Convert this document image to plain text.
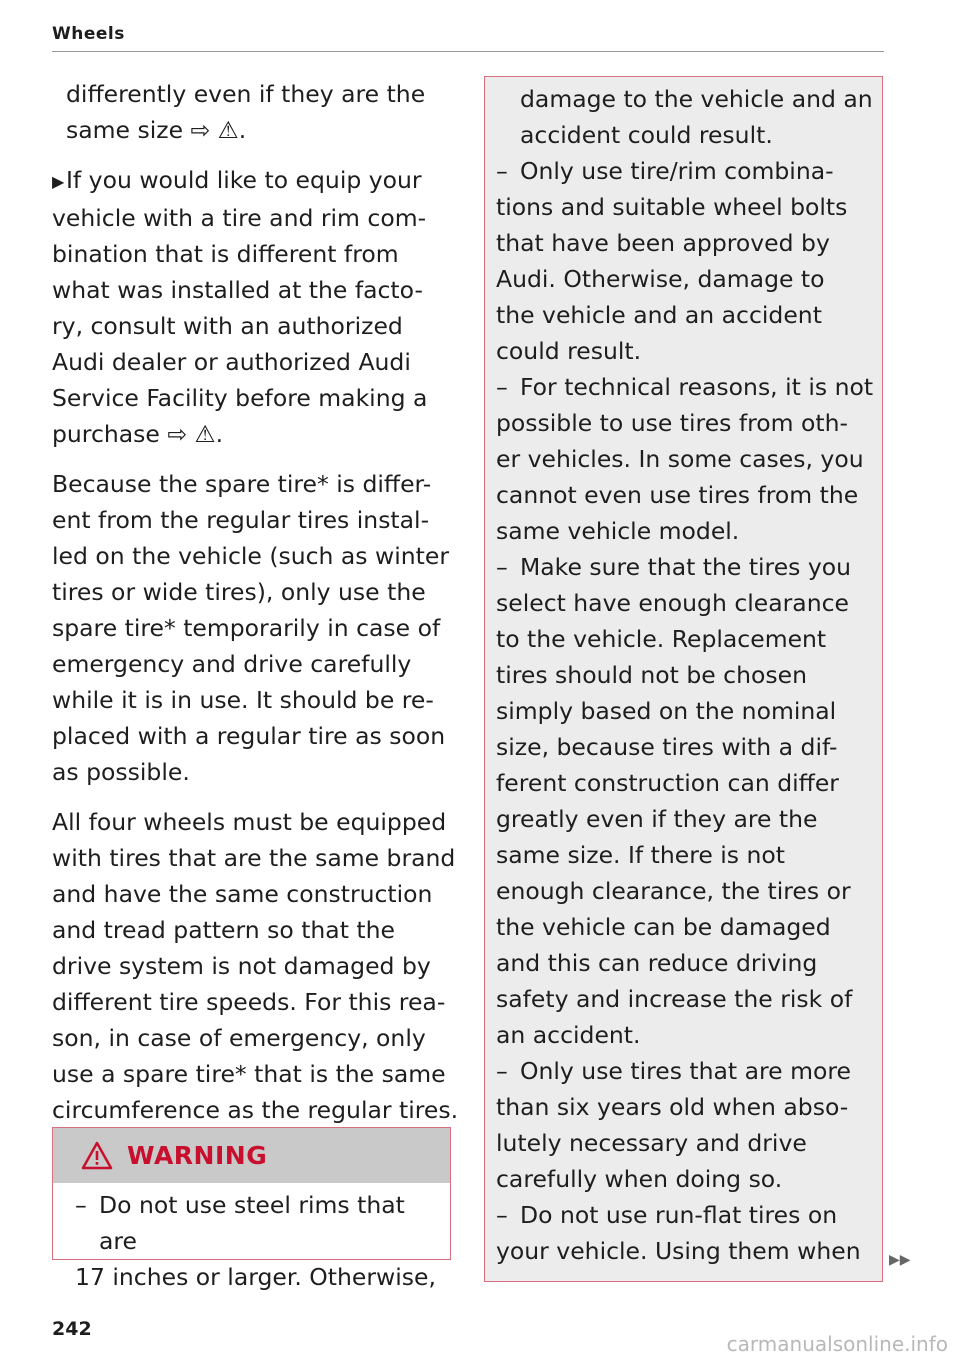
Wheels
differently even if they are the
same size ⇨ ⚠.
▶If you would like to equip your
vehicle with a tire and rim com-
bination that is different from
what was installed at the facto-
ry, consult with an authorized
Audi dealer or authorized Audi
Service Facility before making a
purchase ⇨ ⚠.
Because the spare tire* is differ-
ent from the regular tires instal-
led on the vehicle (such as winter
tires or wide tires), only use the
spare tire* temporarily in case of
emergency and drive carefully
while it is in use. It should be re-
placed with a regular tire as soon
as possible.
All four wheels must be equipped
with tires that are the same brand
and have the same construction
and tread pattern so that the
drive system is not damaged by
different tire speeds. For this rea-
son, in case of emergency, only
use a spare tire* that is the same
circumference as the regular tires.
WARNING
– Do not use steel rims that are
17 inches or larger. Otherwise,
damage to the vehicle and an
accident could result.
– Only use tire/rim combina-
tions and suitable wheel bolts
that have been approved by
Audi. Otherwise, damage to
the vehicle and an accident
could result.
– For technical reasons, it is not
possible to use tires from oth-
er vehicles. In some cases, you
cannot even use tires from the
same vehicle model.
– Make sure that the tires you
select have enough clearance
to the vehicle. Replacement
tires should not be chosen
simply based on the nominal
size, because tires with a dif-
ferent construction can differ
greatly even if they are the
same size. If there is not
enough clearance, the tires or
the vehicle can be damaged
and this can reduce driving
safety and increase the risk of
an accident.
– Only use tires that are more
than six years old when abso-
lutely necessary and drive
carefully when doing so.
– Do not use run-flat tires on
your vehicle. Using them when	▶▶
242
carmanualsonline.info
